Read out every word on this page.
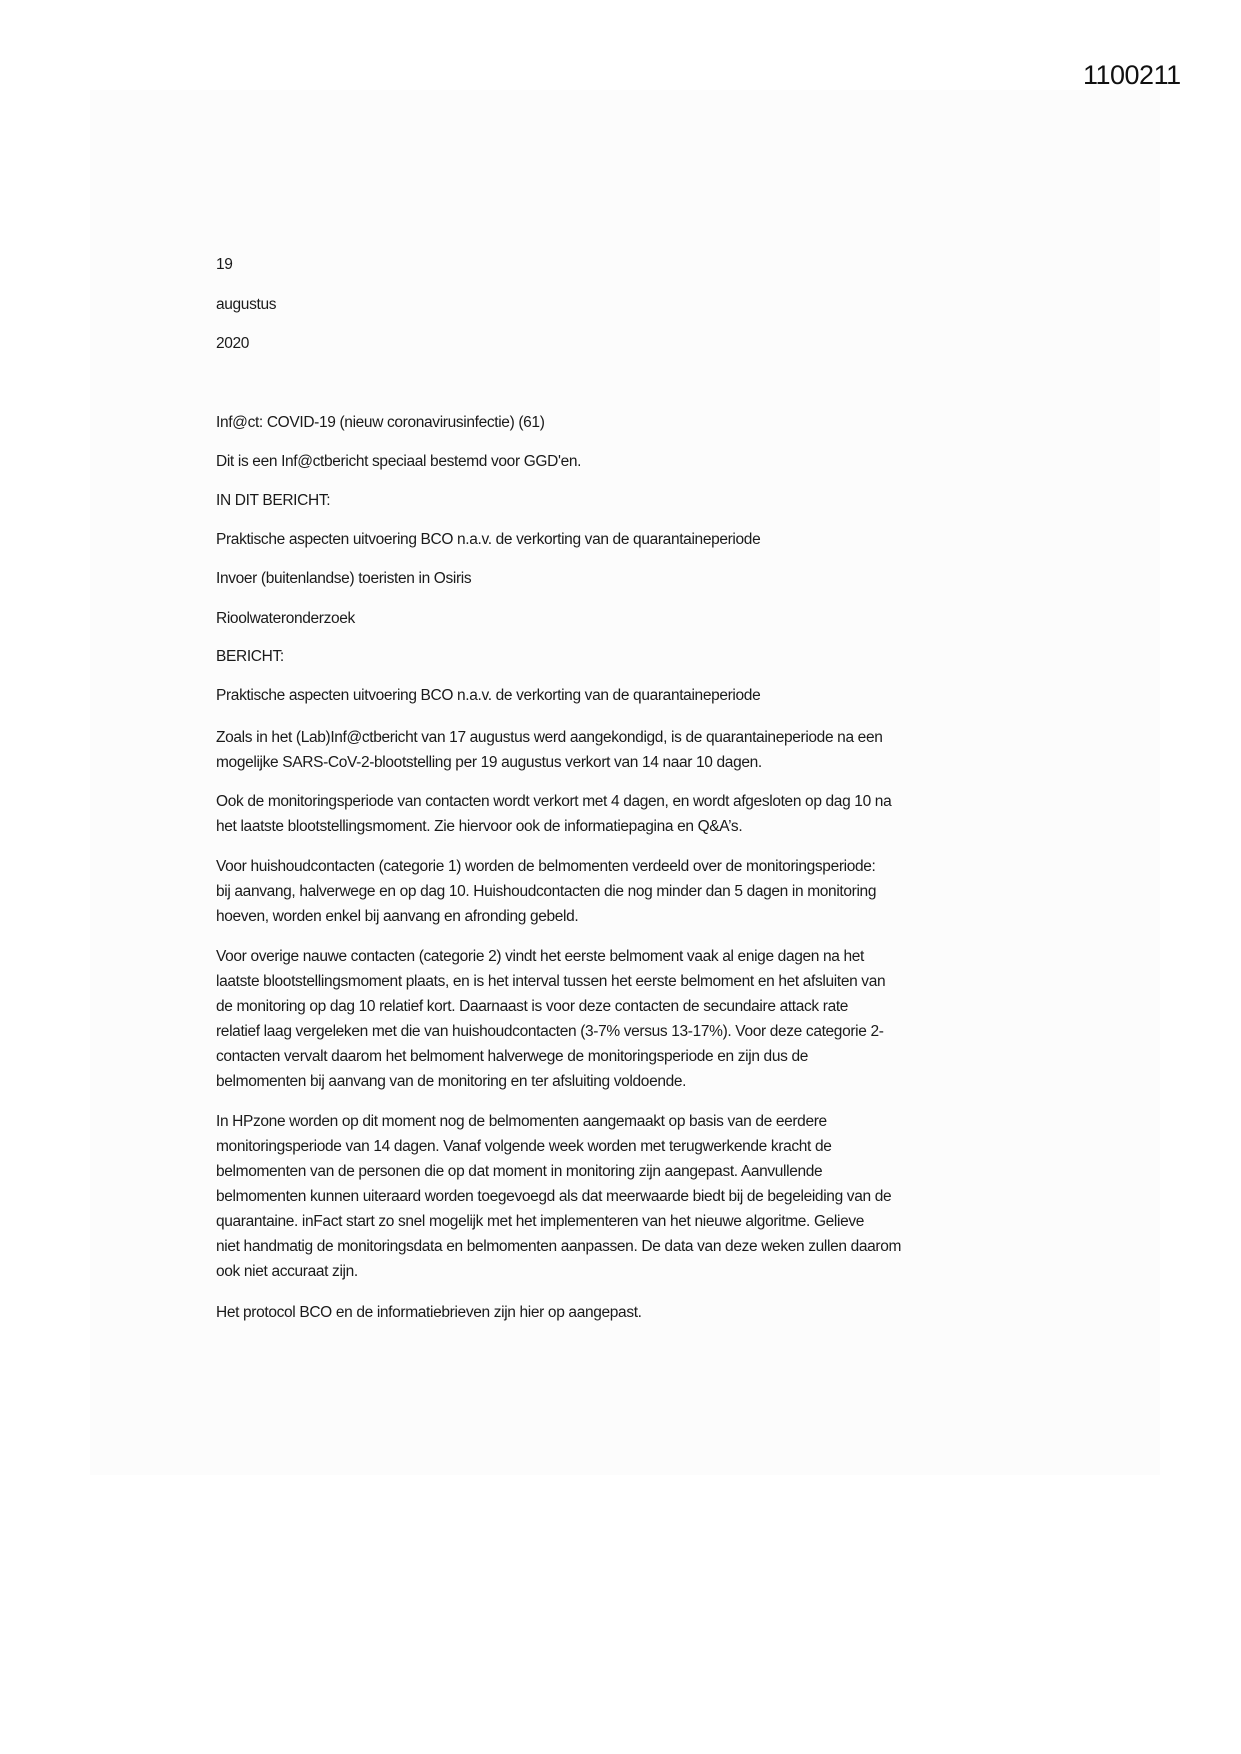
1100211
19
augustus
2020
Inf@ct: COVID-19 (nieuw coronavirusinfectie) (61)
Dit is een Inf@ctbericht speciaal bestemd voor GGD'en.
IN DIT BERICHT:
Praktische aspecten uitvoering BCO n.a.v. de verkorting van de quarantaineperiode
Invoer (buitenlandse) toeristen in Osiris
Rioolwateronderzoek
BERICHT:
Praktische aspecten uitvoering BCO n.a.v. de verkorting van de quarantaineperiode
Zoals in het (Lab)Inf@ctbericht van 17 augustus werd aangekondigd, is de quarantaineperiode na een
mogelijke SARS-CoV-2-blootstelling per 19 augustus verkort van 14 naar 10 dagen.
Ook de monitoringsperiode van contacten wordt verkort met 4 dagen, en wordt afgesloten op dag 10 na
het laatste blootstellingsmoment. Zie hiervoor ook de informatiepagina en Q&A’s.
Voor huishoudcontacten (categorie 1) worden de belmomenten verdeeld over de monitoringsperiode:
bij aanvang, halverwege en op dag 10. Huishoudcontacten die nog minder dan 5 dagen in monitoring
hoeven, worden enkel bij aanvang en afronding gebeld.
Voor overige nauwe contacten (categorie 2) vindt het eerste belmoment vaak al enige dagen na het
laatste blootstellingsmoment plaats, en is het interval tussen het eerste belmoment en het afsluiten van
de monitoring op dag 10 relatief kort. Daarnaast is voor deze contacten de secundaire attack rate
relatief laag vergeleken met die van huishoudcontacten (3-7% versus 13-17%). Voor deze categorie 2-
contacten vervalt daarom het belmoment halverwege de monitoringsperiode en zijn dus de
belmomenten bij aanvang van de monitoring en ter afsluiting voldoende.
In HPzone worden op dit moment nog de belmomenten aangemaakt op basis van de eerdere
monitoringsperiode van 14 dagen. Vanaf volgende week worden met terugwerkende kracht de
belmomenten van de personen die op dat moment in monitoring zijn aangepast. Aanvullende
belmomenten kunnen uiteraard worden toegevoegd als dat meerwaarde biedt bij de begeleiding van de
quarantaine. inFact start zo snel mogelijk met het implementeren van het nieuwe algoritme. Gelieve
niet handmatig de monitoringsdata en belmomenten aanpassen. De data van deze weken zullen daarom
ook niet accuraat zijn.
Het protocol BCO en de informatiebrieven zijn hier op aangepast.
